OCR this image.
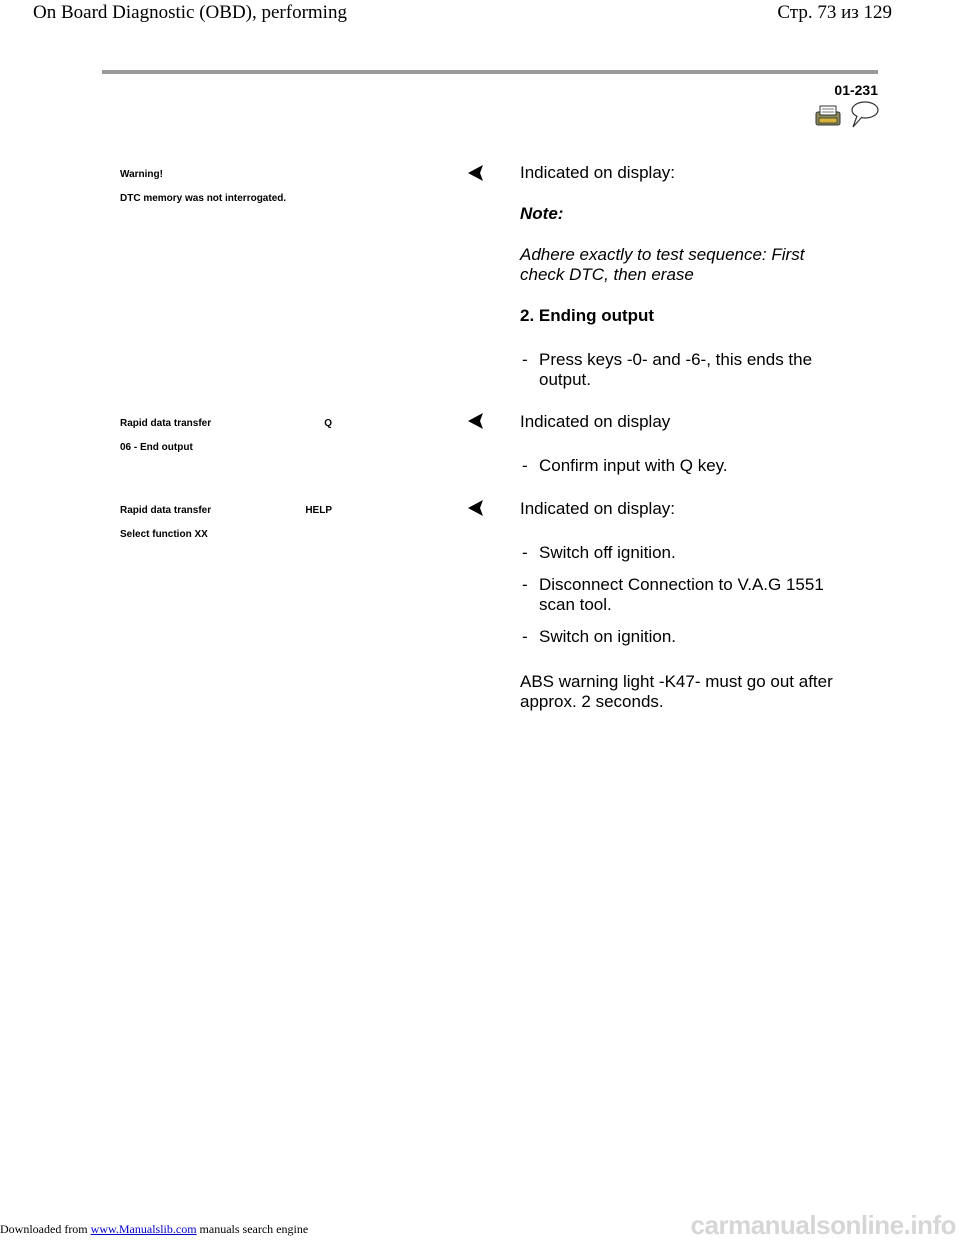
On Board Diagnostic (OBD), performing	Стр. 73 из 129
01-231
Warning!
DTC memory was not interrogated.
Indicated on display:
Note:
Adhere exactly to test sequence: First check DTC, then erase
2. Ending output
- Press keys -0- and -6-, this ends the output.
Rapid data transfer	Q
06 - End output
Indicated on display
- Confirm input with Q key.
Rapid data transfer	HELP
Select function XX
Indicated on display:
- Switch off ignition.
- Disconnect Connection to V.A.G 1551 scan tool.
- Switch on ignition.
ABS warning light -K47- must go out after approx. 2 seconds.
Downloaded from www.Manualslib.com manuals search engine	carmanualsonline.info
